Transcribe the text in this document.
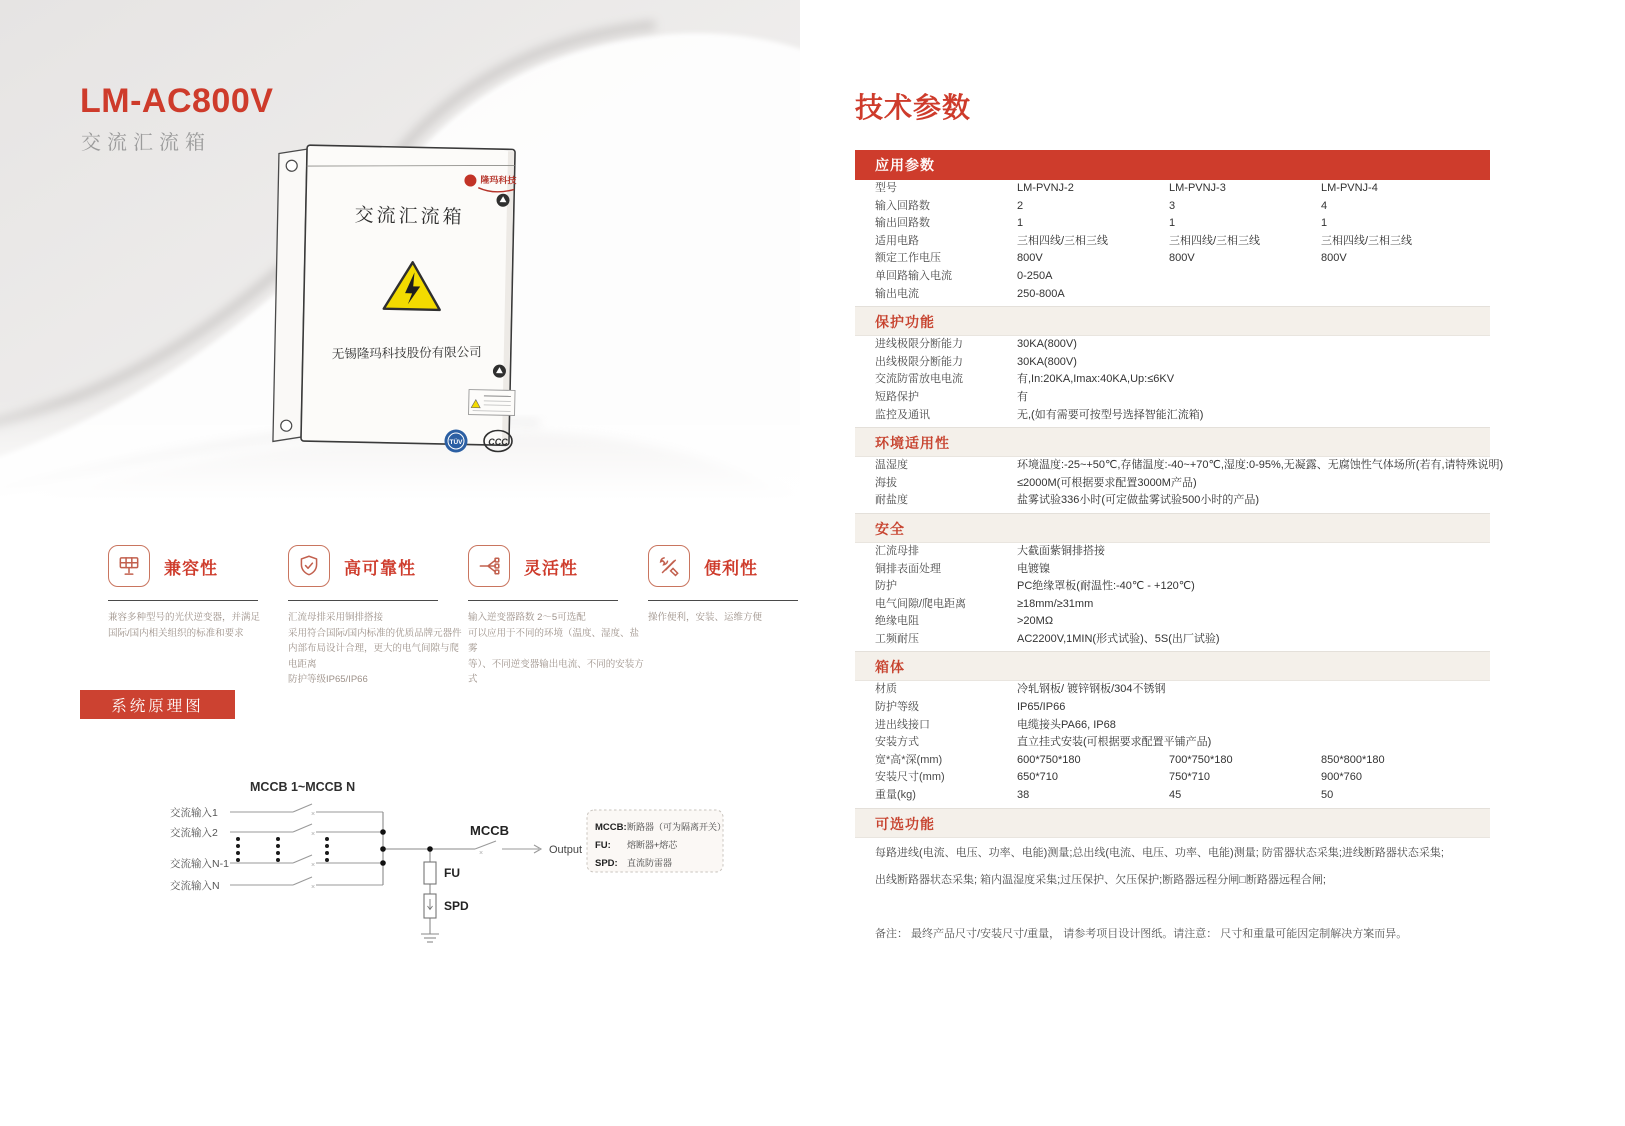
LM-AC800V
交流汇流箱
隆玛科技
交流汇流箱
无锡隆玛科技股份有限公司
TÜV	CCC
兼容性
兼容多种型号的光伏逆变器，并满足
国际/国内相关组织的标准和要求
高可靠性
汇流母排采用铜排搭接
采用符合国际/国内标准的优质品牌元器件
内部布局设计合理，更大的电气间隙与爬电距离
防护等级IP65/IP66
灵活性
输入逆变器路数 2～5可选配
可以应用于不同的环境（温度、湿度、盐雾
等）、不同逆变器输出电流、不同的安装方式
便利性
操作便利，安装、运维方便
系统原理图
×
×
×
×
×
MCCB 1~MCCB N
交流输入1
交流输入2
交流输入N-1
交流输入N
MCCB
Output
FU
SPD
MCCB: 断路器（可为隔离开关）
FU: 熔断器+熔芯
SPD: 直流防雷器
技术参数
应用参数
型号	LM-PVNJ-2	LM-PVNJ-3	LM-PVNJ-4
输入回路数	2	3	4
输出回路数	1	1	1
适用电路	三相四线/三相三线	三相四线/三相三线	三相四线/三相三线
额定工作电压	800V	800V	800V
单回路输入电流	0-250A
输出电流	250-800A
保护功能
进线极限分断能力	30KA(800V)
出线极限分断能力	30KA(800V)
交流防雷放电电流	有,In:20KA,Imax:40KA,Up:≤6KV
短路保护	有
监控及通讯	无,(如有需要可按型号选择智能汇流箱)
环境适用性
温湿度	环境温度:-25~+50℃,存储温度:-40~+70℃,湿度:0-95%,无凝露、无腐蚀性气体场所(若有,请特殊说明)
海拔	≤2000M(可根据要求配置3000M产品)
耐盐度	盐雾试验336小时(可定做盐雾试验500小时的产品)
安全
汇流母排	大截面紫铜排搭接
铜排表面处理	电镀镍
防护	PC绝缘罩板(耐温性:-40℃ - +120℃)
电气间隙/爬电距离	≥18mm/≥31mm
绝缘电阻	>20MΩ
工频耐压	AC2200V,1MIN(形式试验)、5S(出厂试验)
箱体
材质	冷轧钢板/ 镀锌钢板/304不锈钢
防护等级	IP65/IP66
进出线接口	电缆接头PA66, IP68
安装方式	直立挂式安装(可根据要求配置平铺产品)
宽*高*深(mm)	600*750*180	700*750*180	850*800*180
安装尺寸(mm)	650*710	750*710	900*760
重量(kg)	38	45	50
可选功能
每路进线(电流、电压、功率、电能)测量;总出线(电流、电压、功率、电能)测量; 防雷器状态采集;进线断路器状态采集;
出线断路器状态采集; 箱内温湿度采集;过压保护、欠压保护;断路器远程分闸□断路器远程合闸;
备注： 最终产品尺寸/安装尺寸/重量， 请参考项目设计图纸。请注意： 尺寸和重量可能因定制解决方案而异。
